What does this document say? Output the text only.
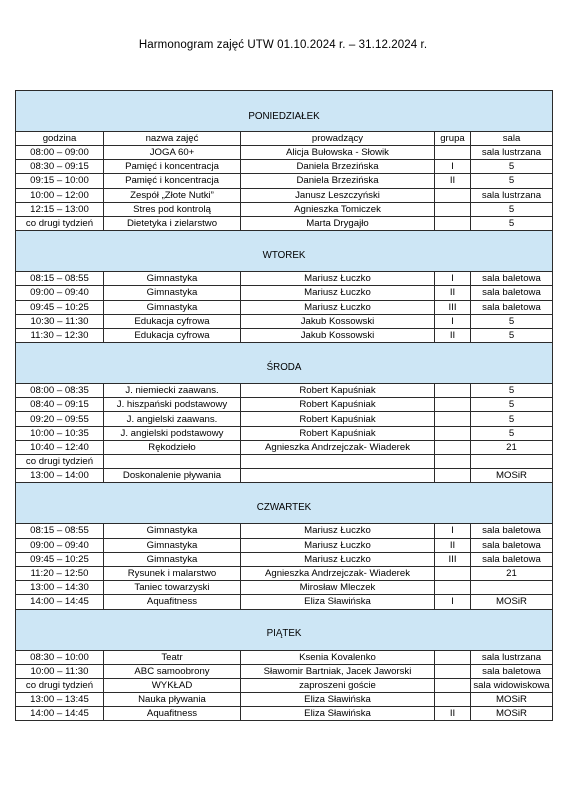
Harmonogram zajęć UTW 01.10.2024 r. – 31.12.2024 r.
PONIEDZIAŁEK				
godzina	nazwa zajęć	prowadzący	grupa	sala
08:00 – 09:00	JOGA 60+	Alicja Bułowska - Słowik		sala lustrzana
08:30 – 09:15	Pamięć i koncentracja	Daniela Brzezińska	I	5
09:15 – 10:00	Pamięć i koncentracja	Daniela Brzezińska	II	5
10:00 – 12:00	Zespół „Złote Nutki”	Janusz Leszczyński		sala lustrzana
12:15 – 13:00	Stres pod kontrolą	Agnieszka Tomiczek		5
co drugi tydzień	Dietetyka i zielarstwo	Marta Drygajło		5
WTOREK				
08:15 – 08:55	Gimnastyka	Mariusz Łuczko	I	sala baletowa
09:00 – 09:40	Gimnastyka	Mariusz Łuczko	II	sala baletowa
09:45 – 10:25	Gimnastyka	Mariusz Łuczko	III	sala baletowa
10:30 – 11:30	Edukacja cyfrowa	Jakub Kossowski	I	5
11:30 – 12:30	Edukacja cyfrowa	Jakub Kossowski	II	5
ŚRODA				
08:00 – 08:35	J. niemiecki zaawans.	Robert Kapuśniak		5
08:40 – 09:15	J. hiszpański podstawowy	Robert Kapuśniak		5
09:20 – 09:55	J. angielski zaawans.	Robert Kapuśniak		5
10:00 – 10:35	J. angielski podstawowy	Robert Kapuśniak		5
10:40 – 12:40	Rękodzieło	Agnieszka Andrzejczak- Wiaderek		21
co drugi tydzień				
13:00 – 14:00	Doskonalenie pływania			MOSiR
CZWARTEK				
08:15 – 08:55	Gimnastyka	Mariusz Łuczko	I	sala baletowa
09:00 – 09:40	Gimnastyka	Mariusz Łuczko	II	sala baletowa
09:45 – 10:25	Gimnastyka	Mariusz Łuczko	III	sala baletowa
11:20 – 12:50	Rysunek i malarstwo	Agnieszka Andrzejczak- Wiaderek		21
13:00 – 14:30	Taniec towarzyski	Mirosław Mleczek		
14:00 – 14:45	Aquafitness	Eliza Sławińska	I	MOSiR
PIĄTEK				
08:30 – 10:00	Teatr	Ksenia Kovalenko		sala lustrzana
10:00 – 11:30	ABC samoobrony	Sławomir Bartniak, Jacek Jaworski		sala baletowa
co drugi tydzień	WYKŁAD	zaproszeni goście		sala widowiskowa
13:00 – 13:45	Nauka pływania	Eliza Sławińska		MOSiR
14:00 – 14:45	Aquafitness	Eliza Sławińska	II	MOSiR
